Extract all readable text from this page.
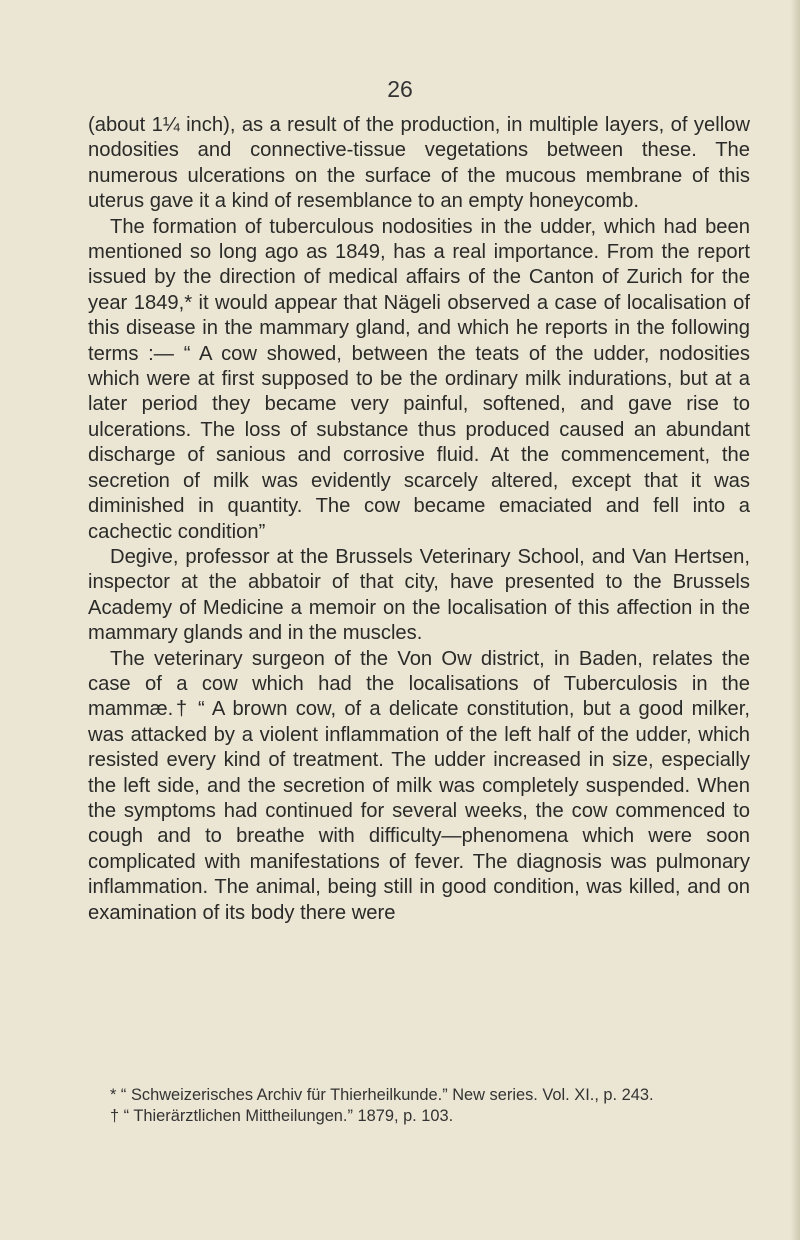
26

(about 1¼ inch), as a result of the production, in multiple layers, of yellow nodosities and connective-tissue vegetations between these. The numerous ulcerations on the surface of the mucous membrane of this uterus gave it a kind of resemblance to an empty honeycomb.

The formation of tuberculous nodosities in the udder, which had been mentioned so long ago as 1849, has a real importance. From the report issued by the direction of medical affairs of the Canton of Zurich for the year 1849,* it would appear that Nägeli observed a case of localisation of this disease in the mammary gland, and which he reports in the following terms :— “ A cow showed, between the teats of the udder, nodosities which were at first supposed to be the ordinary milk indurations, but at a later period they became very painful, softened, and gave rise to ulcerations. The loss of substance thus produced caused an abundant discharge of sanious and corrosive fluid. At the commencement, the secretion of milk was evidently scarcely altered, except that it was diminished in quantity. The cow became emaciated and fell into a cachectic condition”

Degive, professor at the Brussels Veterinary School, and Van Hertsen, inspector at the abbatoir of that city, have presented to the Brussels Academy of Medicine a memoir on the localisation of this affection in the mammary glands and in the muscles.

The veterinary surgeon of the Von Ow district, in Baden, relates the case of a cow which had the localisations of Tuberculosis in the mammæ.† “ A brown cow, of a delicate constitution, but a good milker, was attacked by a violent inflammation of the left half of the udder, which resisted every kind of treatment. The udder increased in size, especially the left side, and the secretion of milk was completely suspended. When the symptoms had continued for several weeks, the cow commenced to cough and to breathe with difficulty—phenomena which were soon complicated with manifestations of fever. The diagnosis was pulmonary inflammation. The animal, being still in good condition, was killed, and on examination of its body there were

* “ Schweizerisches Archiv für Thierheilkunde.” New series. Vol. XI., p. 243.

† “ Thierärztlichen Mittheilungen.” 1879, p. 103.
